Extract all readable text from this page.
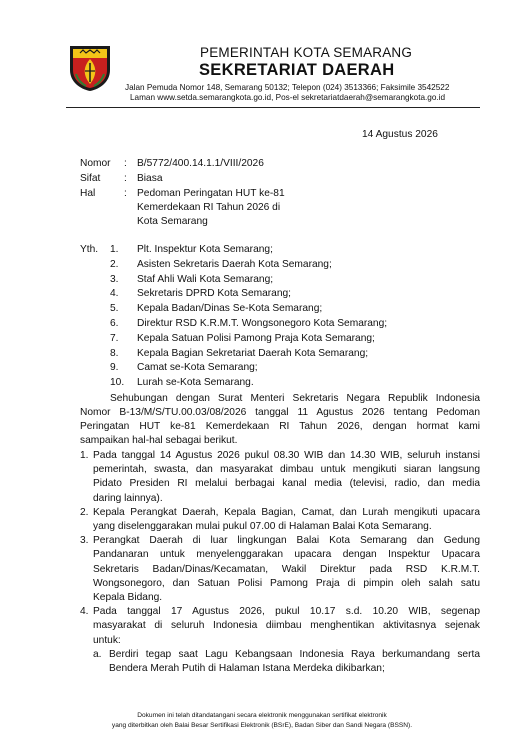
PEMERINTAH KOTA SEMARANG
SEKRETARIAT DAERAH
Jalan Pemuda Nomor 148, Semarang 50132; Telepon (024) 3513366; Faksimile 3542522
Laman www.setda.semarangkota.go.id, Pos-el sekretariatdaerah@semarangkota.go.id
14 Agustus 2026
Nomor : B/5772/400.14.1.1/VIII/2026
Sifat : Biasa
Hal	: Pedoman Peringatan HUT ke-81
Kemerdekaan RI Tahun 2026 di
Kota Semarang
Yth. 1. Plt. Inspektur Kota Semarang;
2. Asisten Sekretaris Daerah Kota Semarang;
3. Staf Ahli Wali Kota Semarang;
4. Sekretaris DPRD Kota Semarang;
5. Kepala Badan/Dinas Se-Kota Semarang;
6. Direktur RSD K.R.M.T. Wongsonegoro Kota Semarang;
7. Kepala Satuan Polisi Pamong Praja Kota Semarang;
8. Kepala Bagian Sekretariat Daerah Kota Semarang;
9. Camat se-Kota Semarang;
10. Lurah se-Kota Semarang.
Sehubungan dengan Surat Menteri Sekretaris Negara Republik Indonesia
Nomor B-13/M/S/TU.00.03/08/2026 tanggal 11 Agustus 2026 tentang Pedoman
Peringatan HUT ke-81 Kemerdekaan RI Tahun 2026, dengan hormat kami
sampaikan hal-hal sebagai berikut.
1. Pada tanggal 14 Agustus 2026 pukul 08.30 WIB dan 14.30 WIB, seluruh instansi
pemerintah, swasta, dan masyarakat dimbau untuk mengikuti siaran langsung
Pidato Presiden RI melalui berbagai kanal media (televisi, radio, dan media
daring lainnya).
2. Kepala Perangkat Daerah, Kepala Bagian, Camat, dan Lurah mengikuti upacara
yang diselenggarakan mulai pukul 07.00 di Halaman Balai Kota Semarang.
3. Perangkat Daerah di luar lingkungan Balai Kota Semarang dan Gedung
Pandanaran untuk menyelenggarakan upacara dengan Inspektur Upacara
Sekretaris Badan/Dinas/Kecamatan, Wakil Direktur pada RSD K.R.M.T.
Wongsonegoro, dan Satuan Polisi Pamong Praja di pimpin oleh salah satu
Kepala Bidang.
4. Pada tanggal 17 Agustus 2026, pukul 10.17 s.d. 10.20 WIB, segenap
masyarakat di seluruh Indonesia diimbau menghentikan aktivitasnya sejenak
untuk:
a. Berdiri tegap saat Lagu Kebangsaan Indonesia Raya berkumandang serta
Bendera Merah Putih di Halaman Istana Merdeka dikibarkan;
Dokumen ini telah ditandatangani secara elektronik menggunakan sertifikat elektronik
yang diterbitkan oleh Balai Besar Sertifikasi Elektronik (BSrE), Badan Siber dan Sandi Negara (BSSN).
